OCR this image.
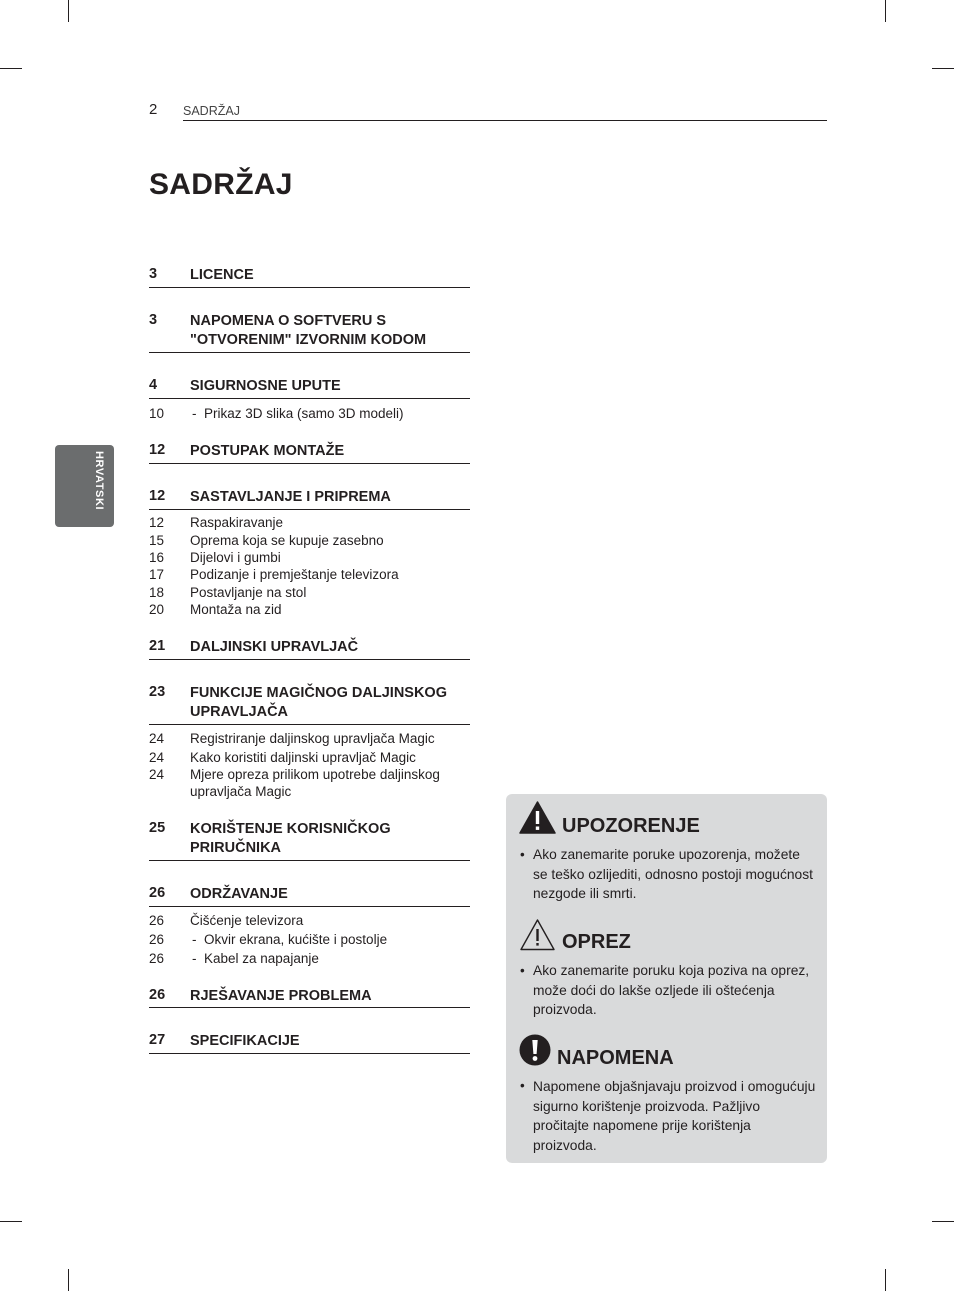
2 SADRŽAJ
SADRŽAJ
HRVATSKI
3 LICENCE
3 NAPOMENA O SOFTVERU S "OTVORENIM" IZVORNIM KODOM
4 SIGURNOSNE UPUTE
10	- Prikaz 3D slika (samo 3D modeli)
12 POSTUPAK MONTAŽE
12 SASTAVLJANJE I PRIPREMA
12 Raspakiravanje
15 Oprema koja se kupuje zasebno
16 Dijelovi i gumbi
17 Podizanje i premještanje televizora
18 Postavljanje na stol
20 Montaža na zid
21 DALJINSKI UPRAVLJAČ
23 FUNKCIJE MAGIČNOG DALJINSKOG UPRAVLJAČA
24 Registriranje daljinskog upravljača Magic
24 Kako koristiti daljinski upravljač Magic
24 Mjere opreza prilikom upotrebe daljinskog upravljača Magic
25 KORIŠTENJE KORISNIČKOG PRIRUČNIKA
26 ODRŽAVANJE
26 Čišćenje televizora
26	- Okvir ekrana, kućište i postolje
26	- Kabel za napajanje
26 RJEŠAVANJE PROBLEMA
27 SPECIFIKACIJE
UPOZORENJE
• Ako zanemarite poruke upozorenja, možete se teško ozlijediti, odnosno postoji mogućnost nezgode ili smrti.
OPREZ
• Ako zanemarite poruku koja poziva na oprez, može doći do lakše ozljede ili oštećenja proizvoda.
NAPOMENA
• Napomene objašnjavaju proizvod i omogućuju sigurno korištenje proizvoda. Pažljivo pročitajte napomene prije korištenja proizvoda.
